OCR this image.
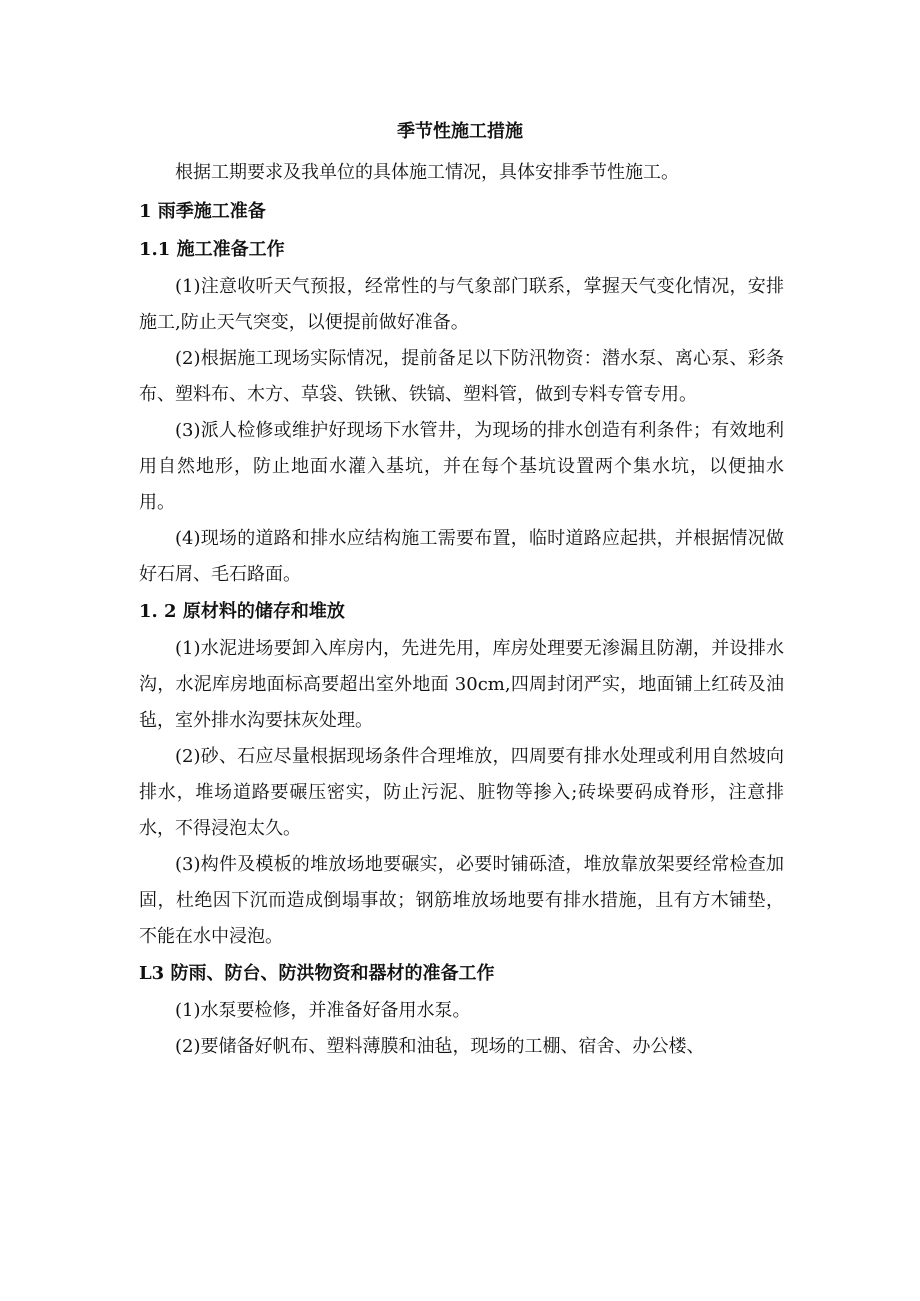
季节性施工措施

根据工期要求及我单位的具体施工情况，具体安排季节性施工。

1 雨季施工准备

1.1 施工准备工作

(1)注意收听天气预报，经常性的与气象部门联系，掌握天气变化情况，安排施工,防止天气突变，以便提前做好准备。

(2)根据施工现场实际情况，提前备足以下防汛物资：潜水泵、离心泵、彩条布、塑料布、木方、草袋、铁锹、铁镐、塑料管，做到专料专管专用。

(3)派人检修或维护好现场下水管井，为现场的排水创造有利条件；有效地利用自然地形，防止地面水灌入基坑，并在每个基坑设置两个集水坑，以便抽水用。

(4)现场的道路和排水应结构施工需要布置，临时道路应起拱，并根据情况做好石屑、毛石路面。

1. 2 原材料的储存和堆放

(1)水泥进场要卸入库房内，先进先用，库房处理要无渗漏且防潮，并设排水沟，水泥库房地面标高要超出室外地面 30cm,四周封闭严实，地面铺上红砖及油毡，室外排水沟要抹灰处理。

(2)砂、石应尽量根据现场条件合理堆放，四周要有排水处理或利用自然坡向排水，堆场道路要碾压密实，防止污泥、脏物等掺入;砖垛要码成脊形，注意排水，不得浸泡太久。

(3)构件及模板的堆放场地要碾实，必要时铺砾渣，堆放靠放架要经常检查加固，杜绝因下沉而造成倒塌事故；钢筋堆放场地要有排水措施，且有方木铺垫，不能在水中浸泡。

L3 防雨、防台、防洪物资和器材的准备工作

(1)水泵要检修，并准备好备用水泵。

(2)要储备好帆布、塑料薄膜和油毡，现场的工棚、宿舍、办公楼、
